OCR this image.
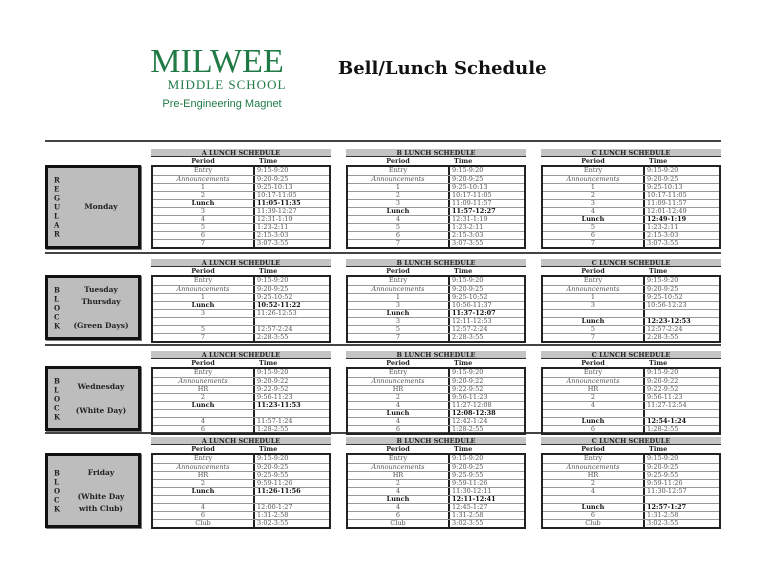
MILWEE
MIDDLE SCHOOL
Pre-Engineering Magnet
Bell/Lunch Schedule
A LUNCH SCHEDULE
Period	Time
Entry	9:15-9:20
Announcements	9:20-9:25
1	9:25-10:13
2	10:17-11:05
Lunch	11:05-11:35
3	11:39-12:27
4	12:31-1:19
5	1:23-2:11
6	2:15-3:03
7	3:07-3:55
B LUNCH SCHEDULE
Period	Time
Entry	9:15-9:20
Announcements	9:20-9:25
1	9:25-10:13
2	10:17-11:05
3	11:09-11:57
Lunch	11:57-12:27
4	12:31-1:19
5	1:23-2:11
6	2:15-3:03
7	3:07-3:55
C LUNCH SCHEDULE
Period	Time
Entry	9:15-9:20
Announcements	9:20-9:25
1	9:25-10:13
2	10:17-11:05
3	11:09-11:57
4	12:01-12:49
Lunch	12:49-1:19
5	1:23-2:11
6	2:15-3:03
7	3:07-3:55
R
E
G
U
L
A
R
Monday
A LUNCH SCHEDULE
Period	Time
Entry	9:15-9:20
Announcements	9:20-9:25
1	9:25-10:52
Lunch	10:52-11:22
3	11:26-12:53
5	12:57-2:24
7	2:28-3:55
B LUNCH SCHEDULE
Period	Time
Entry	9:15-9:20
Announcements	9:20-9:25
1	9:25-10:52
3	10:56-11:37
Lunch	11:37-12:07
3	12:11-12:53
5	12:57-2:24
7	2:28-3:55
C LUNCH SCHEDULE
Period	Time
Entry	9:15-9:20
Announcements	9:20-9:25
1	9:25-10:52
3	10:56-12:23
Lunch	12:23-12:53
5	12:57-2:24
7	2:28-3:55
B
L
O
C
K
Tuesday
Thursday

(Green Days)
A LUNCH SCHEDULE
Period	Time
Entry	9:15-9:20
Announements	9:20-9:22
HR	9:22-9:52
2	9:56-11:23
Lunch	11:23-11:53
4	11:57-1:24
6	1:28-2:55
B LUNCH SCHEDULE
Period	Time
Entry	9:15-9:20
Announcements	9:20-9:22
HR	9:22-9:52
2	9:56-11:23
4	11:27-12:08
Lunch	12:08-12:38
4	12:42-1:24
6	1:28-2:55
C LUNCH SCHEDULE
Period	Time
Entry	9:15-9:20
Announcements	9:20-9:22
HR	9:22-9:52
2	9:56-11:23
4	11:27-12:54
Lunch	12:54-1:24
6	1:28-2:55
B
L
O
C
K
Wednesday

(White Day)
A LUNCH SCHEDULE
Period	Time
Entry	9:15-9:20
Announcements	9:20-9:25
HR	9:25-9:55
2	9:59-11:26
Lunch	11:26-11:56
4	12:00-1:27
6	1:31-2:58
Club	3:02-3:55
B LUNCH SCHEDULE
Period	Time
Entry	9:15-9:20
Announcements	9:20-9:25
HR	9:25-9:55
2	9:59-11:26
4	11:30-12:11
Lunch	12:11-12:41
4	12:45-1:27
6	1:31-2:58
Club	3:02-3:55
C LUNCH SCHEDULE
Period	Time
Entry	9:15-9:20
Announcements	9:20-9:25
HR	9:25-9:55
2	9:59-11:26
4	11:30-12:57
Lunch	12:57-1:27
6	1:31-2:58
Club	3:02-3:55
B
L
O
C
K
Friday

(White Day
with Club)
